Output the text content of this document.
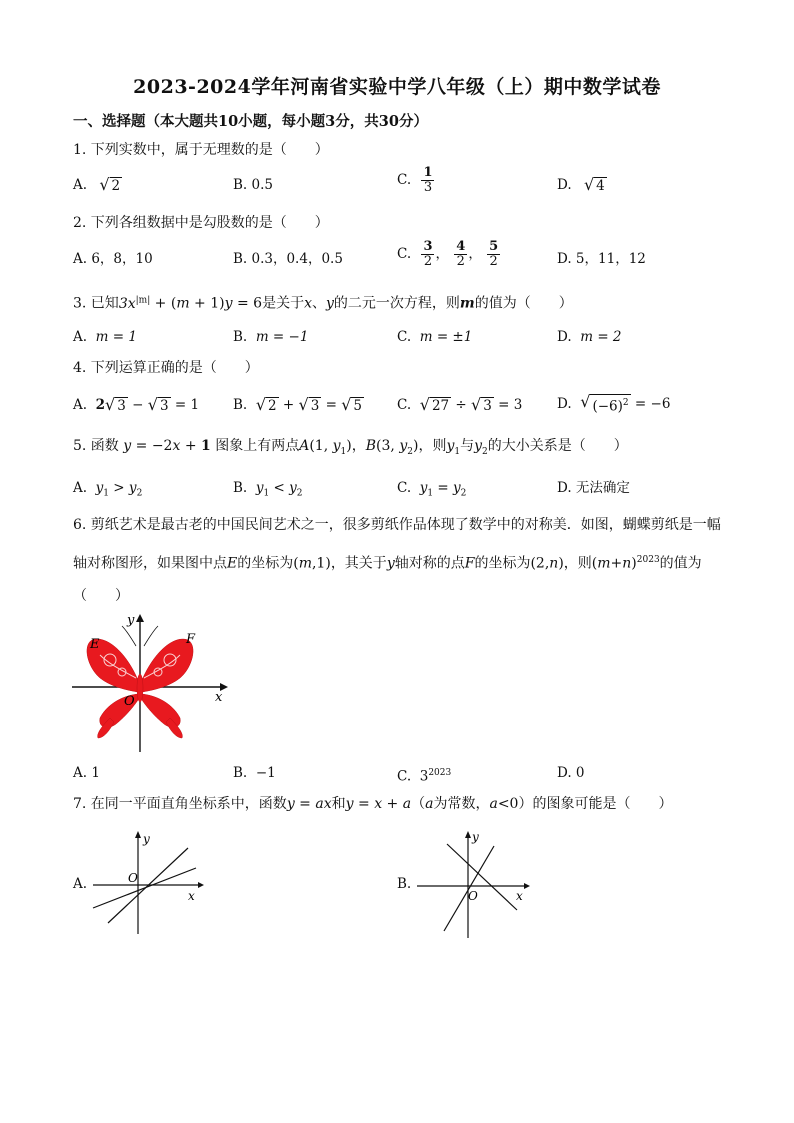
2023-2024学年河南省实验中学八年级（上）期中数学试卷
一、选择题（本大题共10小题，每小题3分，共30分）
1. 下列实数中，属于无理数的是（　　）
A. √ 2	B. 0.5	C. $\frac{1}{3}$	D. √ 4
2. 下列各组数据中是勾股数的是（　　）
A. 6，8，10	B. 0.3，0.4，0.5	C. $\frac{3}{2}$ ， $\frac{4}{2}$ ， $\frac{5}{2}$	D. 5，11，12
3. 已知$3x^{|m|} + (m + 1)y = 6$是关于x、y的二元一次方程，则m的值为（　　）
A. m = 1	B. m = −1	C. m = ±1	D. m = 2
4. 下列运算正确的是（　　）
A. 2 √ 3 − √ 3 = 1	B. √ 2 + √ 3 = √ 5	C. √ 27 ÷ √ 3 = 3	D. √ $(-6)^2 = -6$
5. 函数 y = −2x + 1 图象上有两点A(1, $y_1$)，B(3, $y_2$)，则$y_1$与$y_2$的大小关系是（　　）
A. $y_1 > y_2$	B. $y_1 < y_2$	C. $y_1 = y_2$	D. 无法确定
6. 剪纸艺术是最古老的中国民间艺术之一，很多剪纸作品体现了数学中的对称美．如图，蝴蝶剪纸是一幅
轴对称图形，如果图中点E的坐标为(m,1)，其关于y轴对称的点F的坐标为(2,n)，则$(m+n)^{2023}$的值为
（　　）
E	F
O	x
y
A. 1	B. −1	C. $3^{2023}$	D. 0
7. 在同一平面直角坐标系中，函数y = ax和y = x + a（a为常数，a<0）的图象可能是（　　）
A.	O
x
y
B.
O	x
y
